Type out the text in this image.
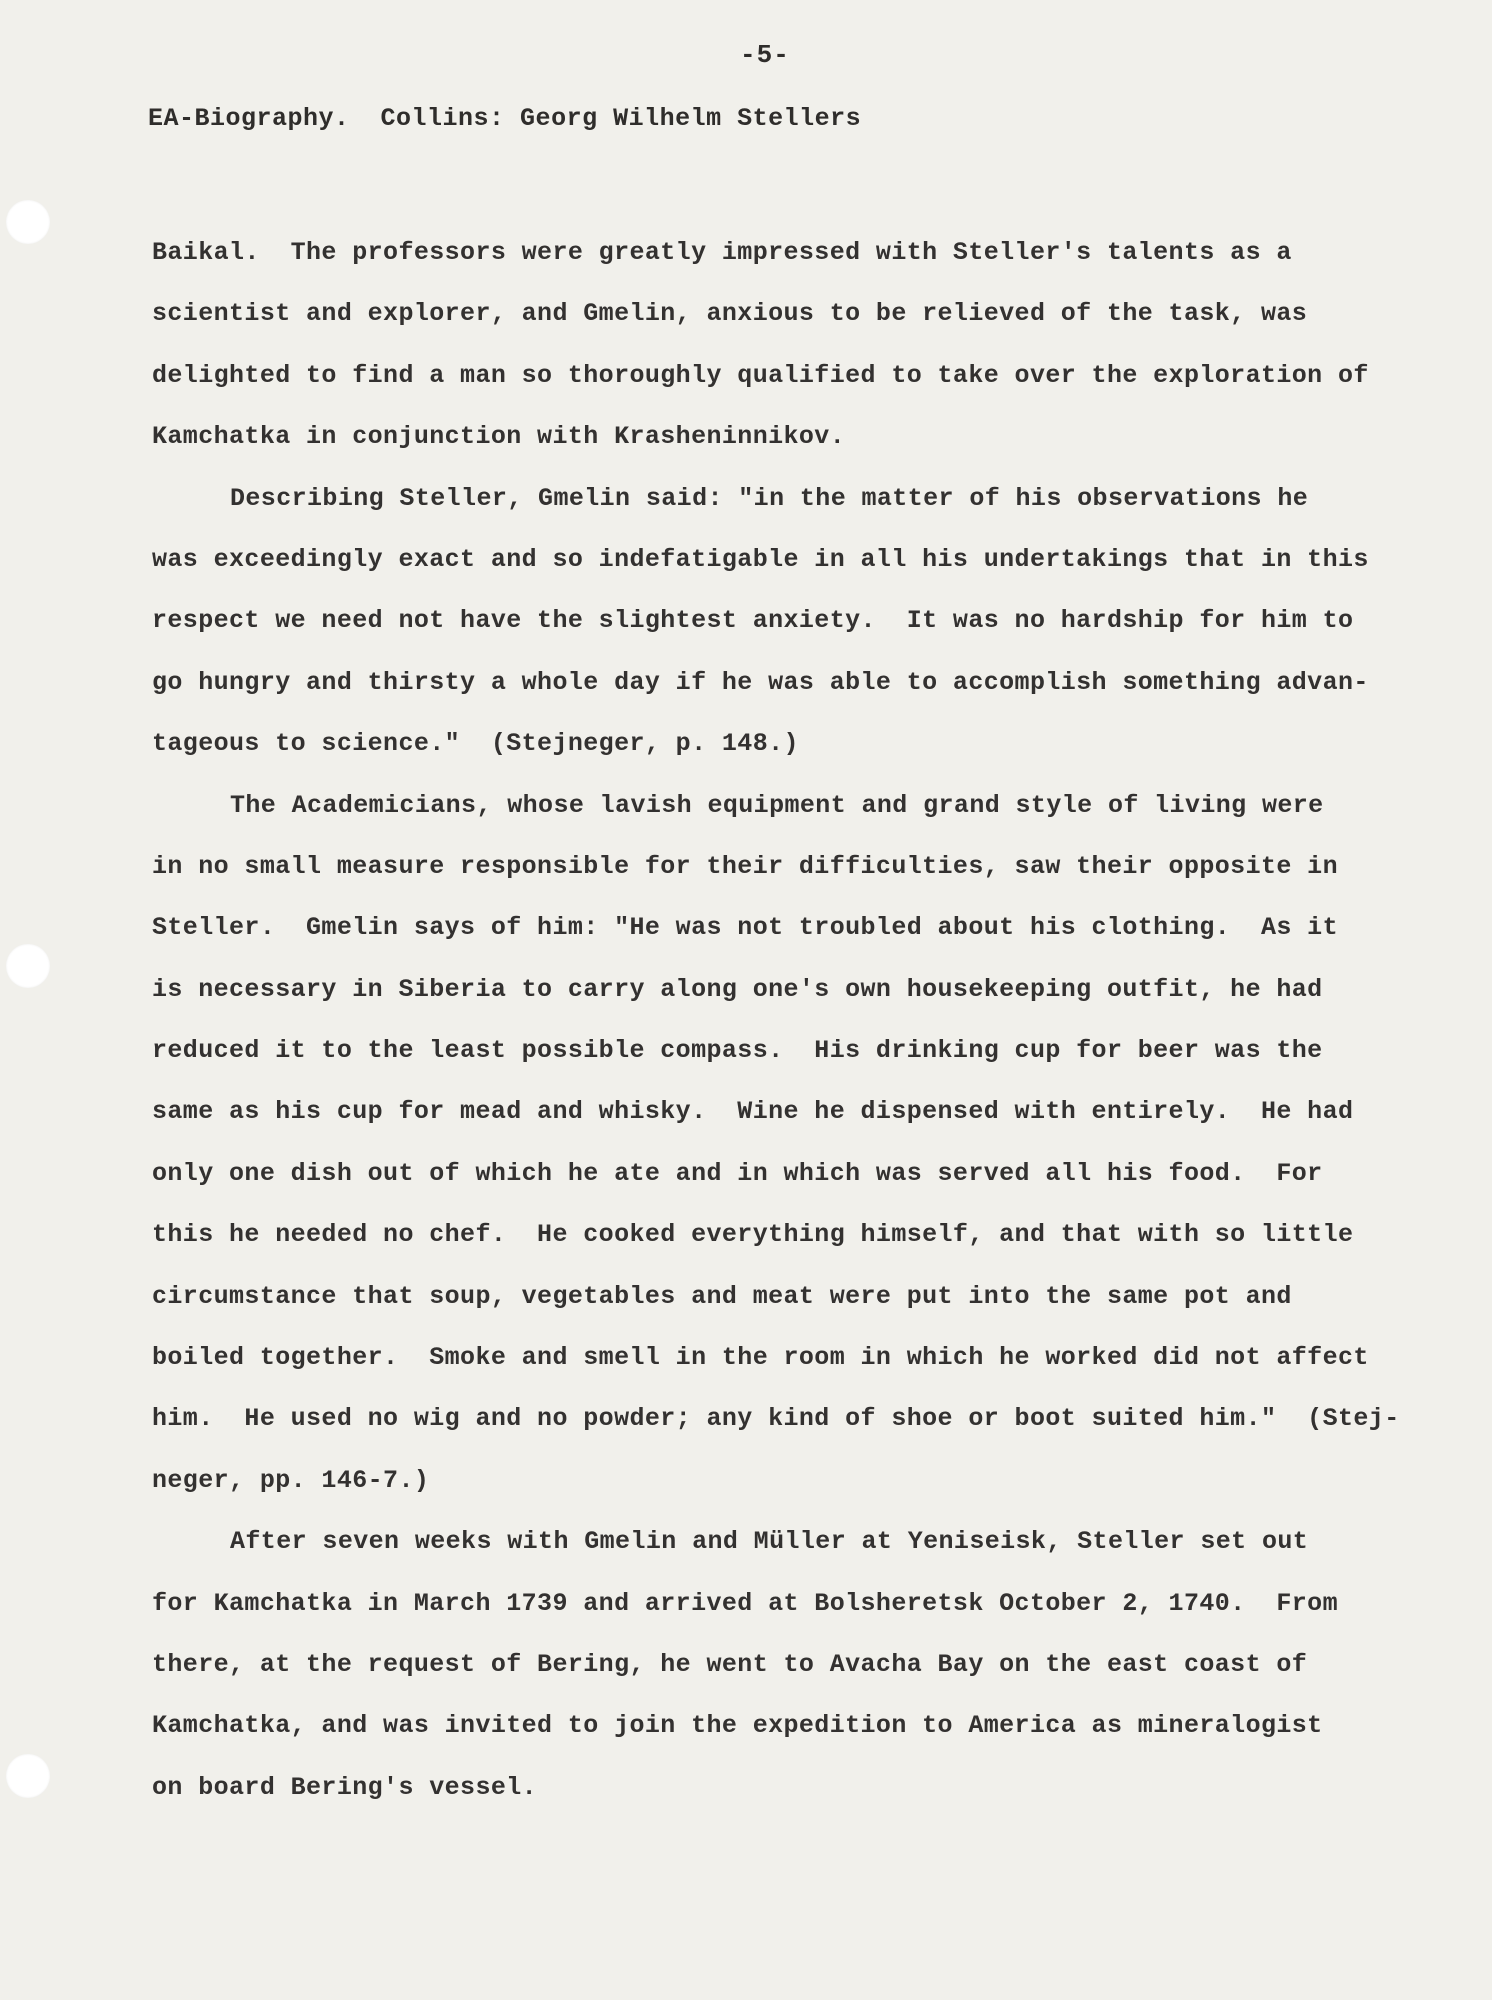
-5-
EA-Biography.  Collins: Georg Wilhelm Stellers
Baikal.  The professors were greatly impressed with Steller's talents as a
scientist and explorer, and Gmelin, anxious to be relieved of the task, was
delighted to find a man so thoroughly qualified to take over the exploration of
Kamchatka in conjunction with Krasheninnikov.
Describing Steller, Gmelin said: "in the matter of his observations he
was exceedingly exact and so indefatigable in all his undertakings that in this
respect we need not have the slightest anxiety.  It was no hardship for him to
go hungry and thirsty a whole day if he was able to accomplish something advan-
tageous to science."  (Stejneger, p. 148.)
The Academicians, whose lavish equipment and grand style of living were
in no small measure responsible for their difficulties, saw their opposite in
Steller.  Gmelin says of him: "He was not troubled about his clothing.  As it
is necessary in Siberia to carry along one's own housekeeping outfit, he had
reduced it to the least possible compass.  His drinking cup for beer was the
same as his cup for mead and whisky.  Wine he dispensed with entirely.  He had
only one dish out of which he ate and in which was served all his food.  For
this he needed no chef.  He cooked everything himself, and that with so little
circumstance that soup, vegetables and meat were put into the same pot and
boiled together.  Smoke and smell in the room in which he worked did not affect
him.  He used no wig and no powder; any kind of shoe or boot suited him."  (Stej-
neger, pp. 146-7.)
After seven weeks with Gmelin and Müller at Yeniseisk, Steller set out
for Kamchatka in March 1739 and arrived at Bolsheretsk October 2, 1740.  From
there, at the request of Bering, he went to Avacha Bay on the east coast of
Kamchatka, and was invited to join the expedition to America as mineralogist
on board Bering's vessel.
